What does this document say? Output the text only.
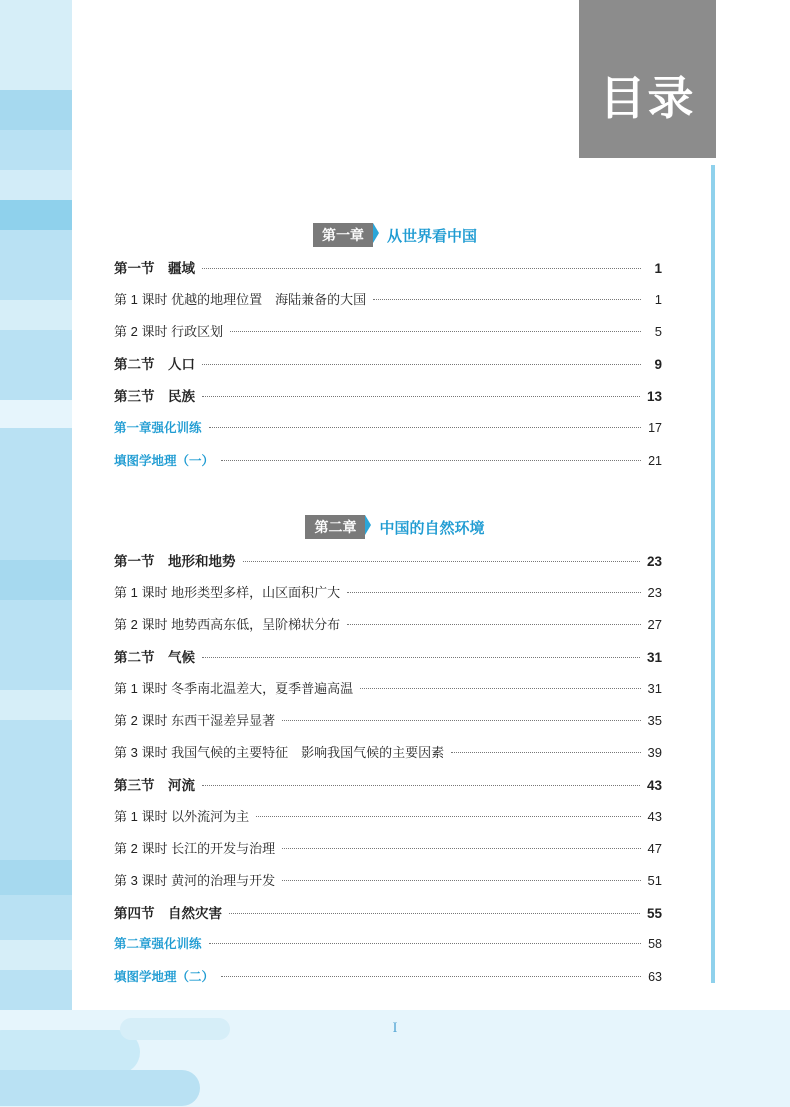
目录
第一章	从世界看中国
第一节　疆域	1
第 1 课时 优越的地理位置　海陆兼备的大国	1
第 2 课时 行政区划	5
第二节　人口	9
第三节　民族	13
第一章强化训练	17
填图学地理（一）	21
第二章	中国的自然环境
第一节　地形和地势	23
第 1 课时 地形类型多样，山区面积广大	23
第 2 课时 地势西高东低，呈阶梯状分布	27
第二节　气候	31
第 1 课时 冬季南北温差大，夏季普遍高温	31
第 2 课时 东西干湿差异显著	35
第 3 课时 我国气候的主要特征　影响我国气候的主要因素	39
第三节　河流	43
第 1 课时 以外流河为主	43
第 2 课时 长江的开发与治理	47
第 3 课时 黄河的治理与开发	51
第四节　自然灾害	55
第二章强化训练	58
填图学地理（二）	63
I
